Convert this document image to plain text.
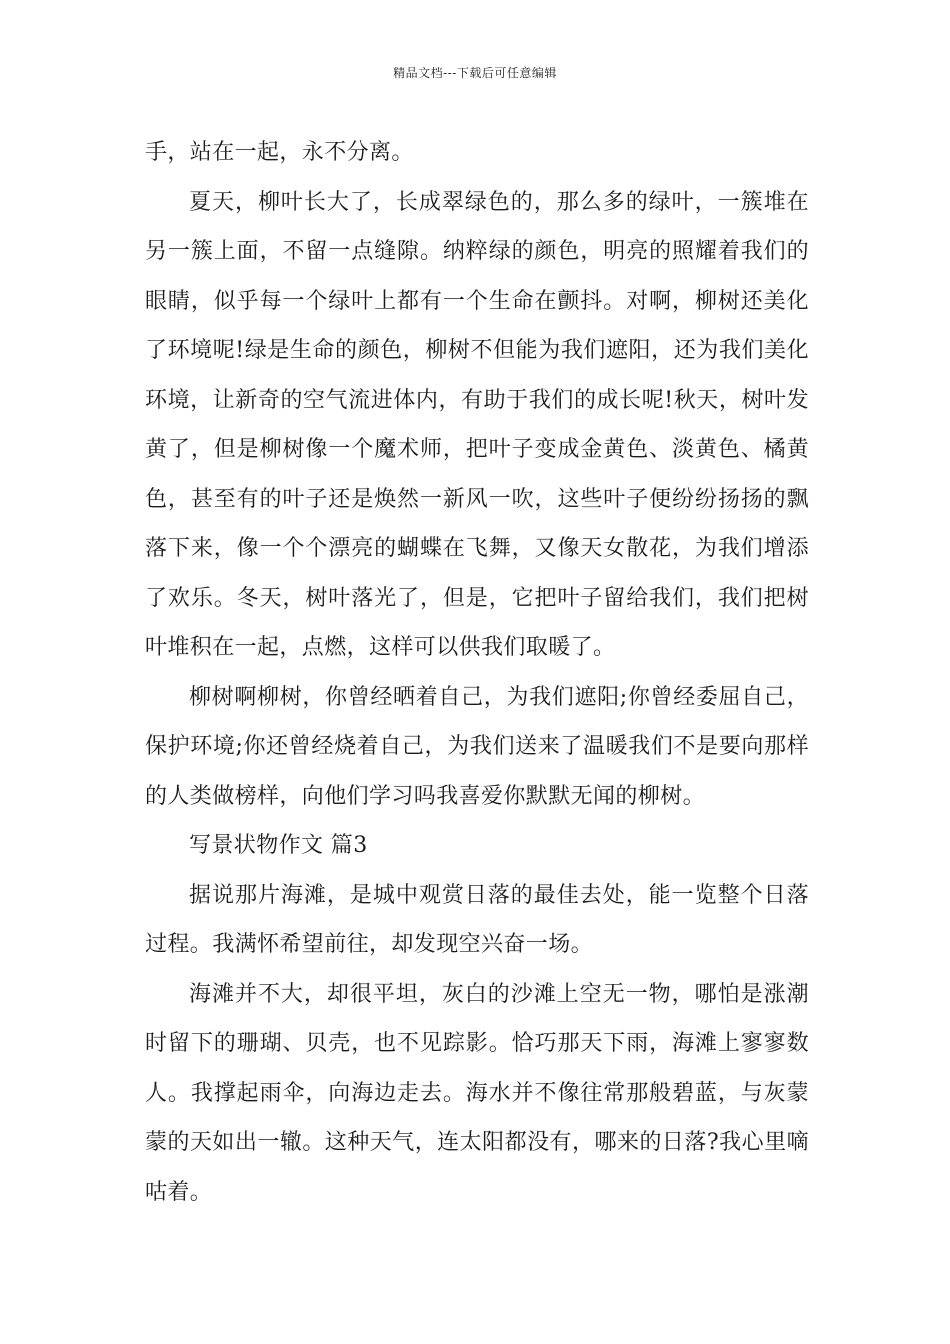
精品文档---下载后可任意编辑
手，站在一起，永不分离。
夏天，柳叶长大了，长成翠绿色的，那么多的绿叶，一簇堆在
另一簇上面，不留一点缝隙。纳粹绿的颜色，明亮的照耀着我们的
眼睛，似乎每一个绿叶上都有一个生命在颤抖。对啊，柳树还美化
了环境呢!绿是生命的颜色，柳树不但能为我们遮阳，还为我们美化
环境，让新奇的空气流进体内，有助于我们的成长呢!秋天，树叶发
黄了，但是柳树像一个魔术师，把叶子变成金黄色、淡黄色、橘黄
色，甚至有的叶子还是焕然一新风一吹，这些叶子便纷纷扬扬的飘
落下来，像一个个漂亮的蝴蝶在飞舞，又像天女散花，为我们增添
了欢乐。冬天，树叶落光了，但是，它把叶子留给我们，我们把树
叶堆积在一起，点燃，这样可以供我们取暖了。
柳树啊柳树，你曾经晒着自己，为我们遮阳;你曾经委屈自己，
保护环境;你还曾经烧着自己，为我们送来了温暖我们不是要向那样
的人类做榜样，向他们学习吗我喜爱你默默无闻的柳树。
写景状物作文 篇3
据说那片海滩，是城中观赏日落的最佳去处，能一览整个日落
过程。我满怀希望前往，却发现空兴奋一场。
海滩并不大，却很平坦，灰白的沙滩上空无一物，哪怕是涨潮
时留下的珊瑚、贝壳，也不见踪影。恰巧那天下雨，海滩上寥寥数
人。我撑起雨伞，向海边走去。海水并不像往常那般碧蓝，与灰蒙
蒙的天如出一辙。这种天气，连太阳都没有，哪来的日落?我心里嘀
咕着。
